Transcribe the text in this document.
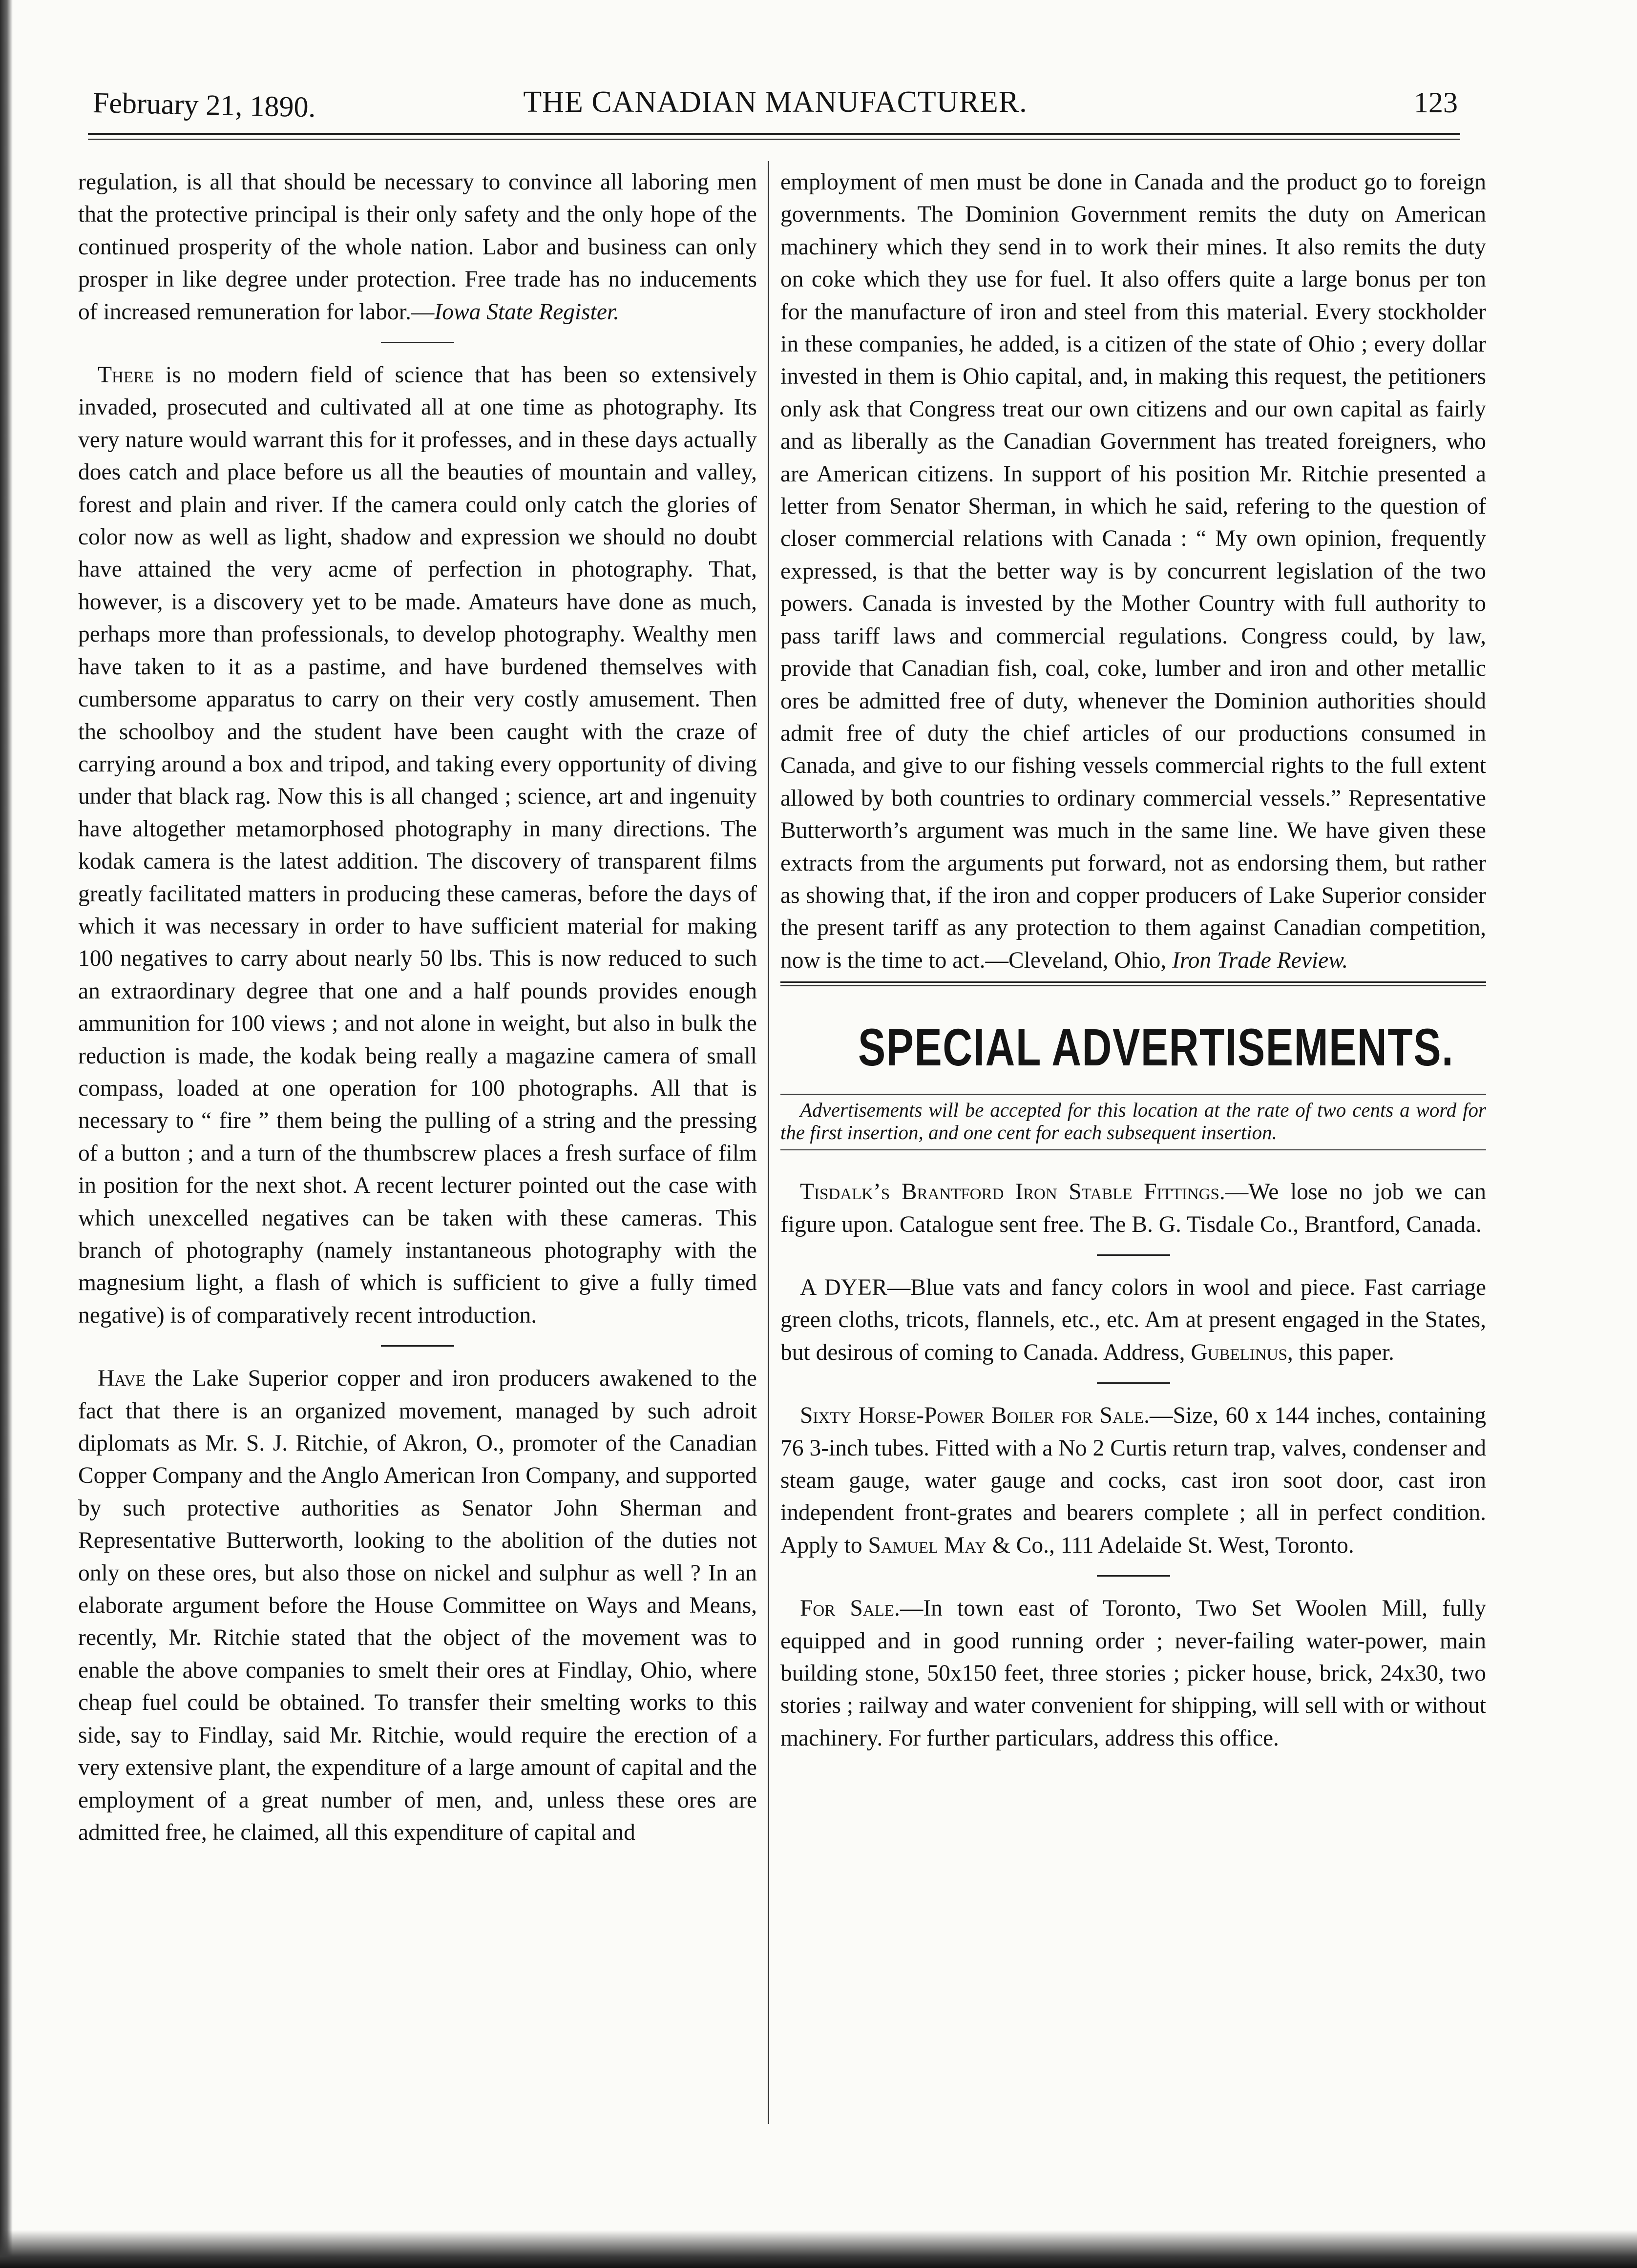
February 21, 1890.	THE CANADIAN MANUFACTURER.	123

regulation, is all that should be necessary to convince all laboring men that the protective principal is their only safety and the only hope of the continued prosperity of the whole nation. Labor and business can only prosper in like degree under protection. Free trade has no inducements of increased remuneration for labor.—Iowa State Register.

There is no modern field of science that has been so extensively invaded, prosecuted and cultivated all at one time as photography. Its very nature would warrant this for it professes, and in these days actually does catch and place before us all the beauties of mountain and valley, forest and plain and river. If the camera could only catch the glories of color now as well as light, shadow and expression we should no doubt have attained the very acme of perfection in photography. That, however, is a discovery yet to be made. Amateurs have done as much, perhaps more than professionals, to develop photography. Wealthy men have taken to it as a pastime, and have burdened themselves with cumbersome apparatus to carry on their very costly amusement. Then the schoolboy and the student have been caught with the craze of carrying around a box and tripod, and taking every opportunity of diving under that black rag. Now this is all changed ; science, art and ingenuity have altogether metamorphosed photography in many directions. The kodak camera is the latest addition. The discovery of transparent films greatly facilitated matters in producing these cameras, before the days of which it was necessary in order to have sufficient material for making 100 negatives to carry about nearly 50 lbs. This is now reduced to such an extraordinary degree that one and a half pounds provides enough ammunition for 100 views ; and not alone in weight, but also in bulk the reduction is made, the kodak being really a magazine camera of small compass, loaded at one operation for 100 photographs. All that is necessary to “ fire ” them being the pulling of a string and the pressing of a button ; and a turn of the thumbscrew places a fresh surface of film in position for the next shot. A recent lecturer pointed out the case with which unexcelled negatives can be taken with these cameras. This branch of photography (namely instantaneous photography with the magnesium light, a flash of which is sufficient to give a fully timed negative) is of comparatively recent introduction.

Have the Lake Superior copper and iron producers awakened to the fact that there is an organized movement, managed by such adroit diplomats as Mr. S. J. Ritchie, of Akron, O., promoter of the Canadian Copper Company and the Anglo American Iron Company, and supported by such protective authorities as Senator John Sherman and Representative Butterworth, looking to the abolition of the duties not only on these ores, but also those on nickel and sulphur as well ? In an elaborate argument before the House Committee on Ways and Means, recently, Mr. Ritchie stated that the object of the movement was to enable the above companies to smelt their ores at Findlay, Ohio, where cheap fuel could be obtained. To transfer their smelting works to this side, say to Findlay, said Mr. Ritchie, would require the erection of a very extensive plant, the expenditure of a large amount of capital and the employment of a great number of men, and, unless these ores are admitted free, he claimed, all this expenditure of capital and

employment of men must be done in Canada and the product go to foreign governments. The Dominion Government remits the duty on American machinery which they send in to work their mines. It also remits the duty on coke which they use for fuel. It also offers quite a large bonus per ton for the manufacture of iron and steel from this material. Every stockholder in these companies, he added, is a citizen of the state of Ohio ; every dollar invested in them is Ohio capital, and, in making this request, the petitioners only ask that Congress treat our own citizens and our own capital as fairly and as liberally as the Canadian Government has treated foreigners, who are American citizens. In support of his position Mr. Ritchie presented a letter from Senator Sherman, in which he said, refering to the question of closer commercial relations with Canada : “ My own opinion, frequently expressed, is that the better way is by concurrent legislation of the two powers. Canada is invested by the Mother Country with full authority to pass tariff laws and commercial regulations. Congress could, by law, provide that Canadian fish, coal, coke, lumber and iron and other metallic ores be admitted free of duty, whenever the Dominion authorities should admit free of duty the chief articles of our productions consumed in Canada, and give to our fishing vessels commercial rights to the full extent allowed by both countries to ordinary commercial vessels.” Representative Butterworth’s argument was much in the same line. We have given these extracts from the arguments put forward, not as endorsing them, but rather as showing that, if the iron and copper producers of Lake Superior consider the present tariff as any protection to them against Canadian competition, now is the time to act.—Cleveland, Ohio, Iron Trade Review.

SPECIAL ADVERTISEMENTS.
Advertisements will be accepted for this location at the rate of two cents a word for the first insertion, and one cent for each subsequent insertion.

Tisdalk’s Brantford Iron Stable Fittings.—We lose no job we can figure upon. Catalogue sent free. The B. G. Tisdale Co., Brantford, Canada.

A DYER—Blue vats and fancy colors in wool and piece. Fast carriage green cloths, tricots, flannels, etc., etc. Am at present engaged in the States, but desirous of coming to Canada. Address, Gubelinus, this paper.

Sixty Horse-Power Boiler for Sale.—Size, 60 x 144 inches, containing 76 3-inch tubes. Fitted with a No 2 Curtis return trap, valves, condenser and steam gauge, water gauge and cocks, cast iron soot door, cast iron independent front-grates and bearers complete ; all in perfect condition. Apply to Samuel May & Co., 111 Adelaide St. West, Toronto.

For Sale.—In town east of Toronto, Two Set Woolen Mill, fully equipped and in good running order ; never-failing water-power, main building stone, 50x150 feet, three stories ; picker house, brick, 24x30, two stories ; railway and water convenient for shipping, will sell with or without machinery. For further particulars, address this office.
